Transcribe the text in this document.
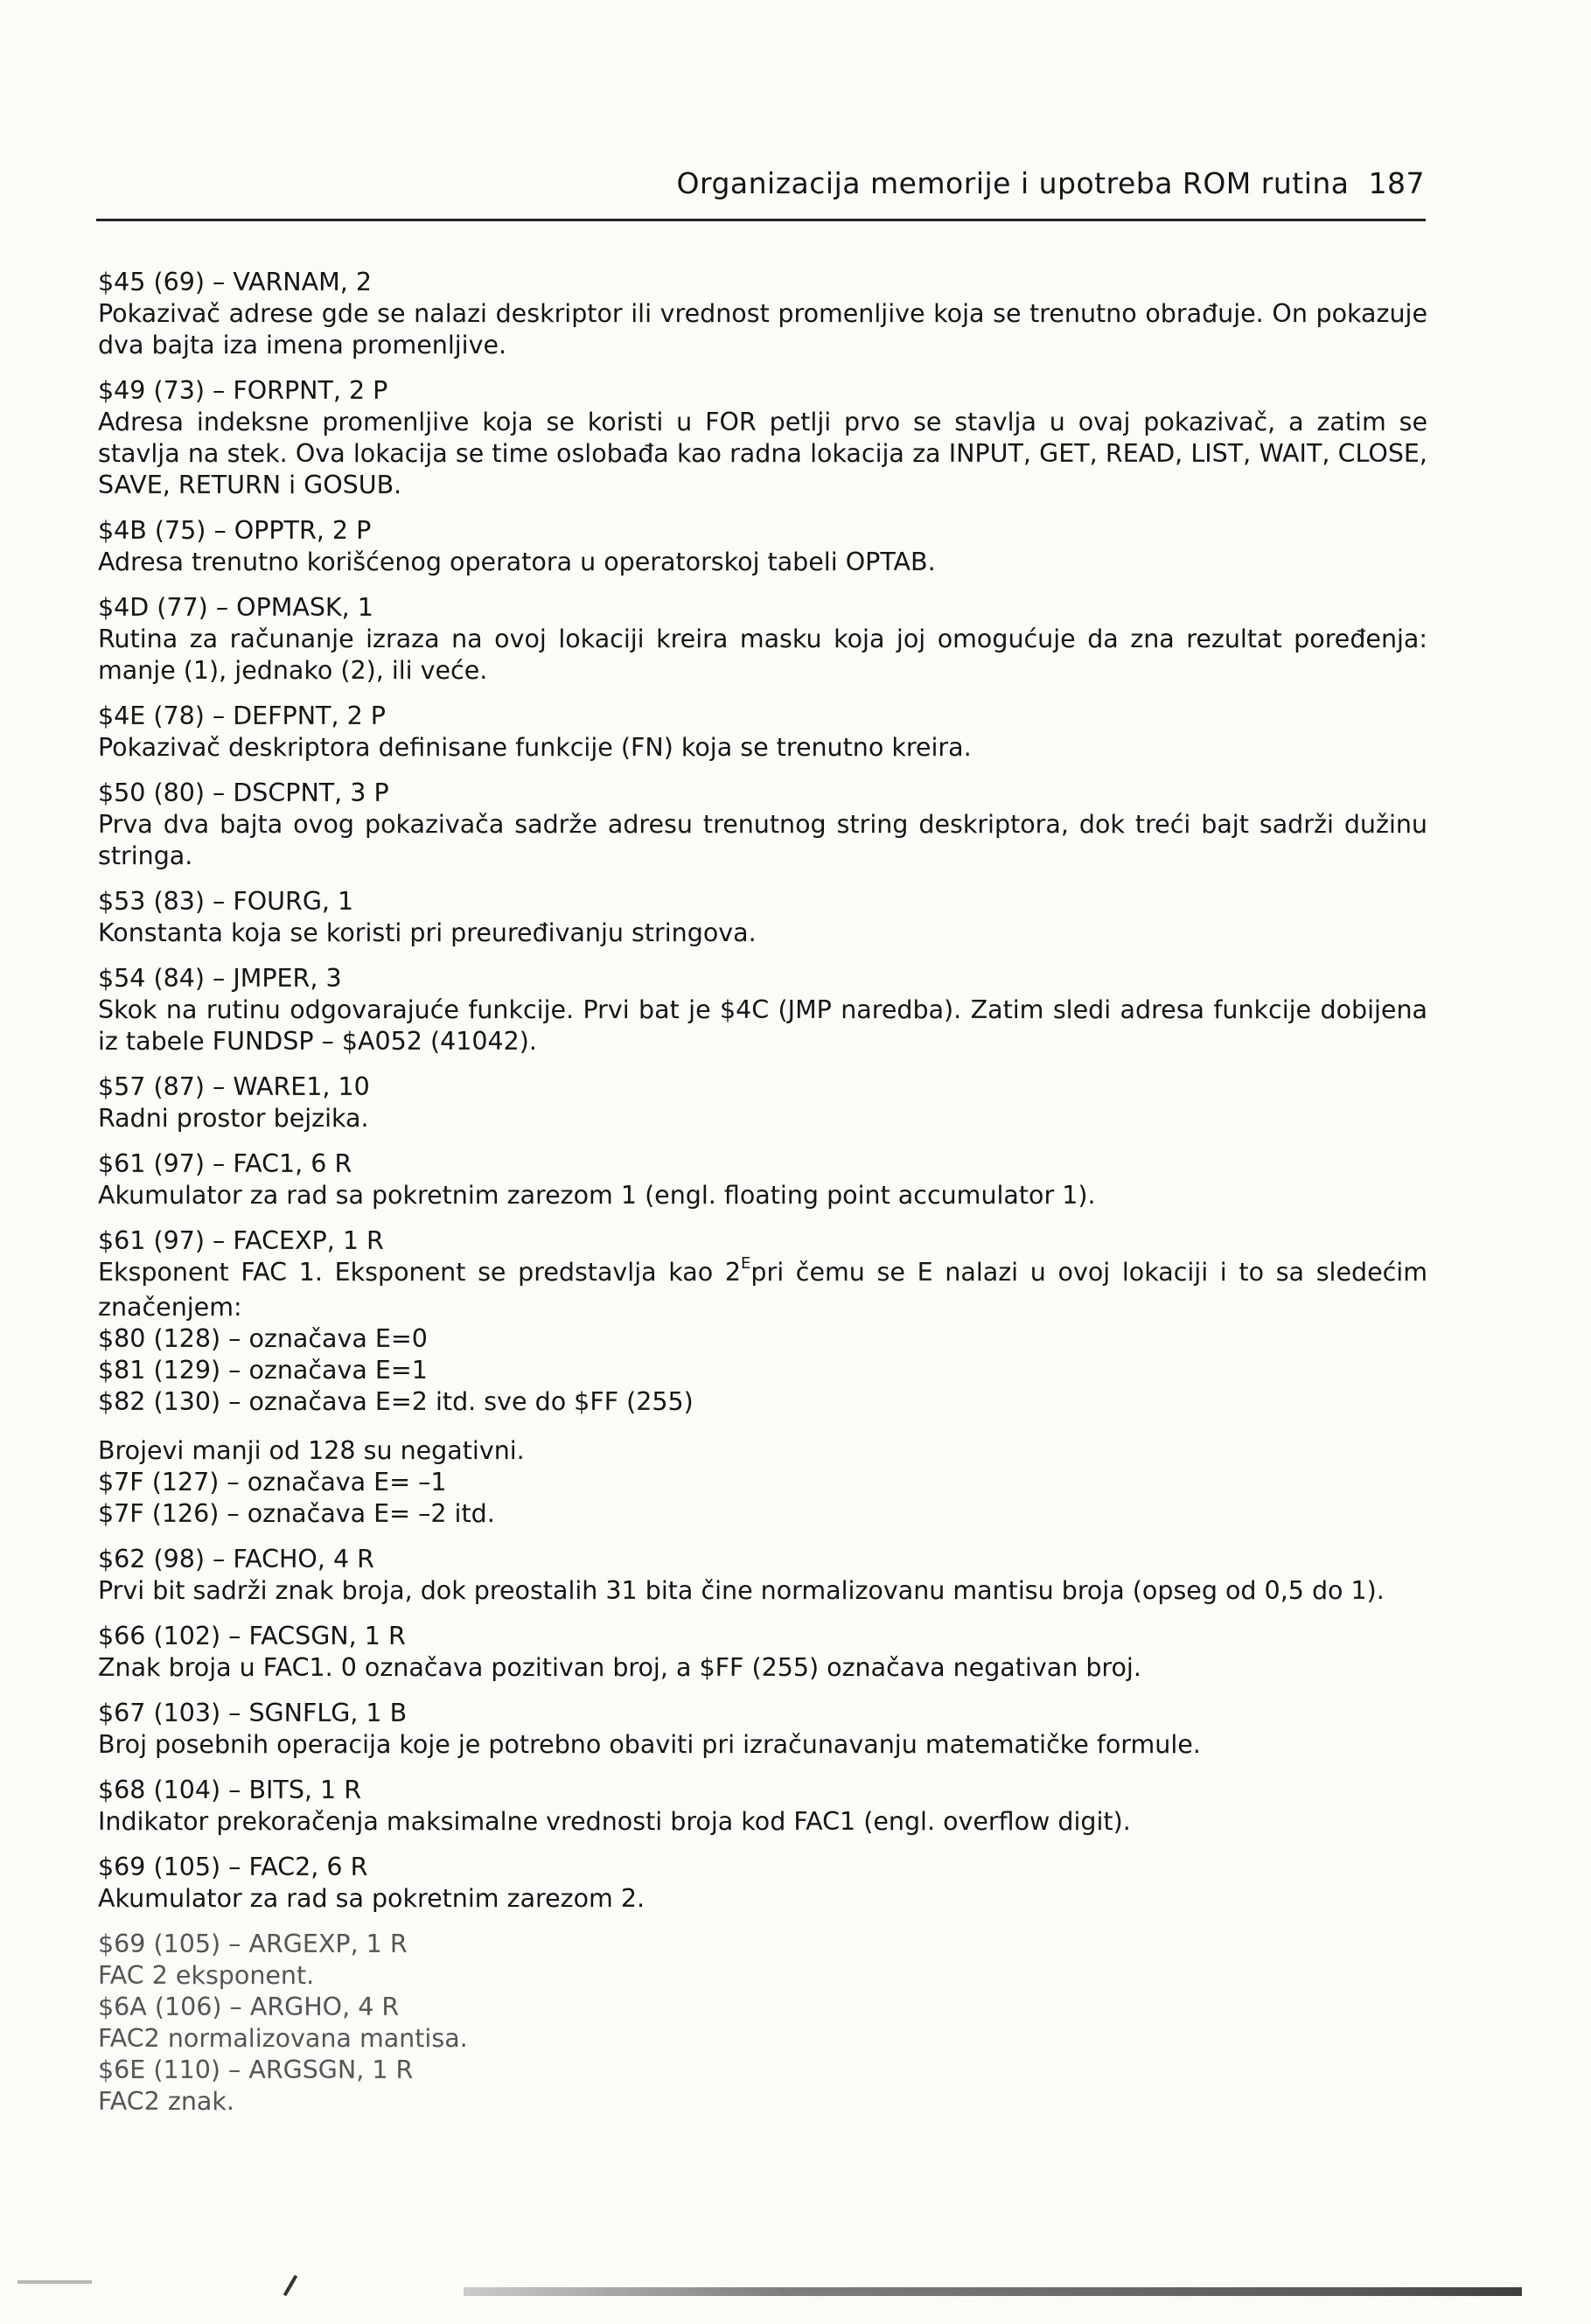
Organizacija memorije i upotreba ROM rutina 187

$45 (69) – VARNAM, 2

Pokazivač adrese gde se nalazi deskriptor ili vrednost promenljive koja se trenutno obrađuje. On pokazuje dva bajta iza imena promenljive.

$49 (73) – FORPNT, 2 P

Adresa indeksne promenljive koja se koristi u FOR petlji prvo se stavlja u ovaj pokazivač, a zatim se stavlja na stek. Ova lokacija se time oslobađa kao radna lokacija za INPUT, GET, READ, LIST, WAIT, CLOSE, SAVE, RETURN i GOSUB.

$4B (75) – OPPTR, 2 P

Adresa trenutno korišćenog operatora u operatorskoj tabeli OPTAB.

$4D (77) – OPMASK, 1

Rutina za računanje izraza na ovoj lokaciji kreira masku koja joj omogućuje da zna rezultat poređenja: manje (1), jednako (2), ili veće.

$4E (78) – DEFPNT, 2 P

Pokazivač deskriptora definisane funkcije (FN) koja se trenutno kreira.

$50 (80) – DSCPNT, 3 P

Prva dva bajta ovog pokazivača sadrže adresu trenutnog string deskriptora, dok treći bajt sadrži dužinu stringa.

$53 (83) – FOURG, 1

Konstanta koja se koristi pri preuređivanju stringova.

$54 (84) – JMPER, 3

Skok na rutinu odgovarajuće funkcije. Prvi bat je $4C (JMP naredba). Zatim sledi adresa funkcije dobijena iz tabele FUNDSP – $A052 (41042).

$57 (87) – WARE1, 10

Radni prostor bejzika.

$61 (97) – FAC1, 6 R

Akumulator za rad sa pokretnim zarezom 1 (engl. floating point accumulator 1).

$61 (97) – FACEXP, 1 R

Eksponent FAC 1. Eksponent se predstavlja kao $2^Epri$ čemu se E nalazi u ovoj lokaciji i to sa sledećim značenjem:

$80 (128) – označava E=0

$81 (129) – označava E=1

$82 (130) – označava E=2 itd. sve do $FF (255)

Brojevi manji od 128 su negativni.

$7F (127) – označava E= –1

$7F (126) – označava E= –2 itd.

$62 (98) – FACHO, 4 R

Prvi bit sadrži znak broja, dok preostalih 31 bita čine normalizovanu mantisu broja (opseg od 0,5 do 1).

$66 (102) – FACSGN, 1 R

Znak broja u FAC1. 0 označava pozitivan broj, a $FF (255) označava negativan broj.

$67 (103) – SGNFLG, 1 B

Broj posebnih operacija koje je potrebno obaviti pri izračunavanju matematičke formule.

$68 (104) – BITS, 1 R

Indikator prekoračenja maksimalne vrednosti broja kod FAC1 (engl. overflow digit).

$69 (105) – FAC2, 6 R

Akumulator za rad sa pokretnim zarezom 2.

$69 (105) – ARGEXP, 1 R

FAC 2 eksponent.

$6A (106) – ARGHO, 4 R

FAC2 normalizovana mantisa.

$6E (110) – ARGSGN, 1 R

FAC2 znak.
